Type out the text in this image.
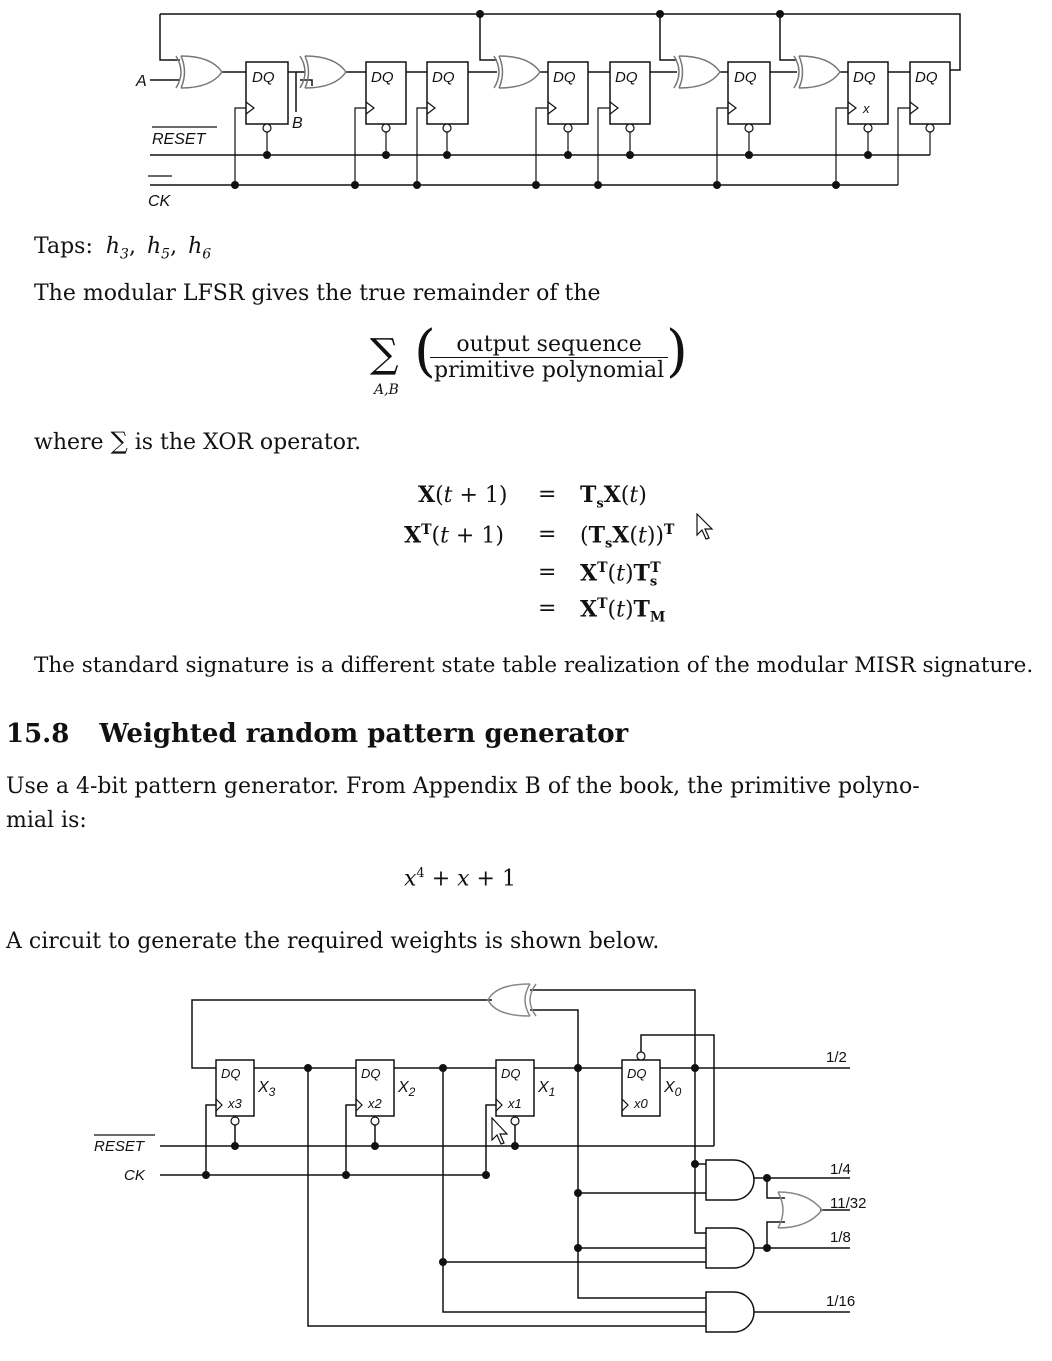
DQ	DQ	DQ	DQ	DQ	DQ	DQ	DQ
x
A
B
RESET
CK
Taps: $h_3$, $h_5$, $h_6$
The modular LFSR gives the true remainder of the
∑
A,B
( output sequence
primitive polynomial )
where ∑ is the XOR operator.
$X(t + 1) = T_sX(t)$
$X^T(t + 1) = (T_sX(t))^T$
= $X^T(t)T_s^T$
= $X^T(t)T_M$
The standard signature is a different state table realization of the modular MISR signature.
15.8 Weighted random pattern generator
Use a 4-bit pattern generator. From Appendix B of the book, the primitive polyno-
mial is:
$x^4 + x + 1$
A circuit to generate the required weights is shown below.
DQ	DQ	DQ	DQ
x3	x2	x1	x0
$X_3$	$X_2$	$X_1$	$X_0$
RESET
CK
1/2
1/4
11/32
1/8
1/16
